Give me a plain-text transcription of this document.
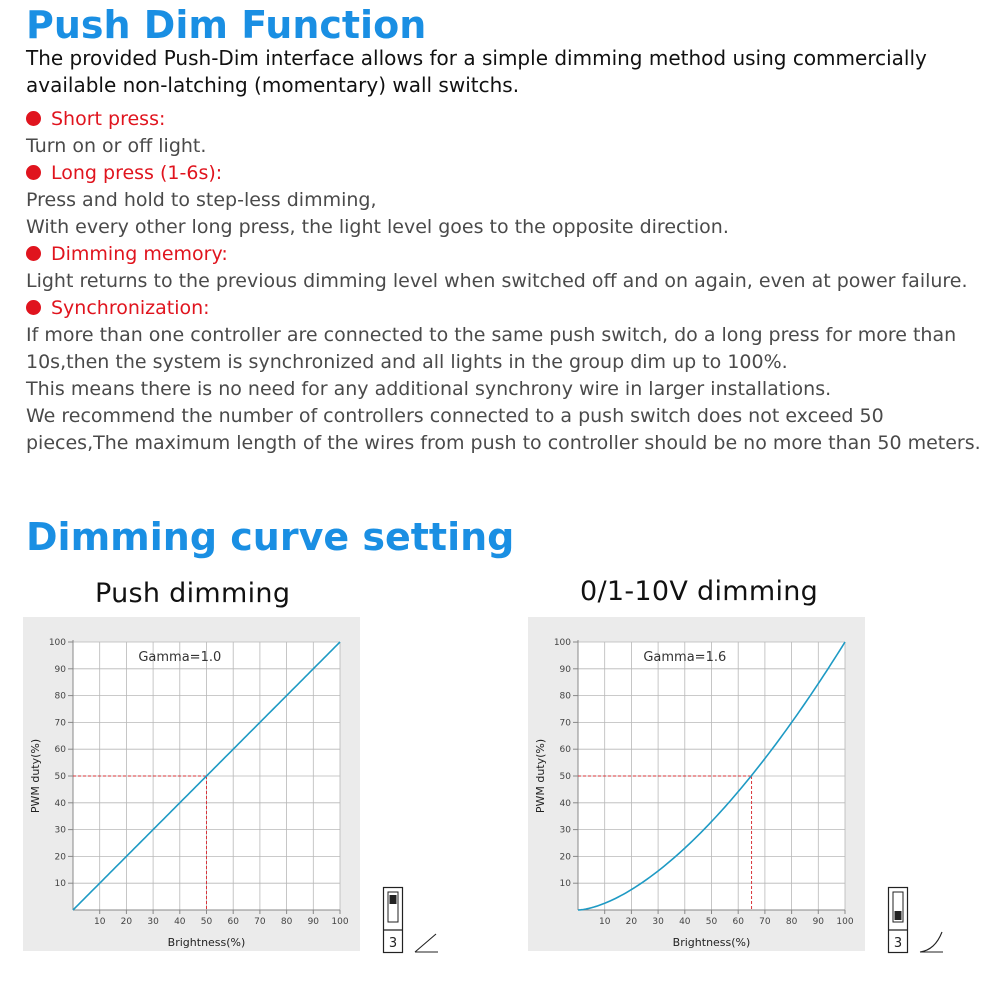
Push Dim Function

The provided Push-Dim interface allows for a simple dimming method using commercially available non-latching (momentary) wall switchs.

Short press:
Turn on or off light.
Long press (1-6s):
Press and hold to step-less dimming,
With every other long press, the light level goes to the opposite direction.
Dimming memory:
Light returns to the previous dimming level when switched off and on again, even at power failure.
Synchronization:
If more than one controller are connected to the same push switch, do a long press for more than 10s,then the system is synchronized and all lights in the group dim up to 100%.
This means there is no need for any additional synchrony wire in larger installations.
We recommend the number of controllers connected to a push switch does not exceed 50 pieces,The maximum length of the wires from push to controller should be no more than 50 meters.
Dimming curve setting
Push dimming	0/1-10V dimming
10
20
30
40
50
60
70
80
90
100
10 20 30 40 50 60 70 80 90 100
Brightness(%)
PWM duty(%)
Gamma=1.0
10
20
30
40
50
60
70
80
90
100
10 20 30 40 50 60 70 80 90 100
Brightness(%)
PWM duty(%)
Gamma=1.6
3	3
